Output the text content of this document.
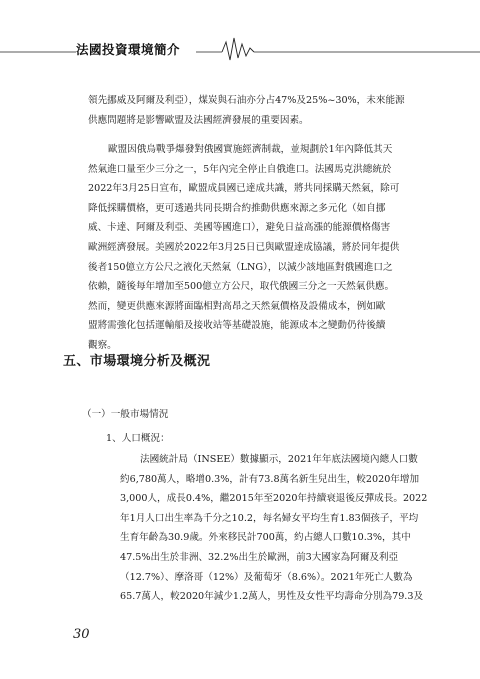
法國投資環境簡介
領先挪威及阿爾及利亞），煤炭與石油亦分占47%及25%~30%，未來能源
供應問題將是影響歐盟及法國經濟發展的重要因素。
歐盟因俄烏戰爭爆發對俄國實施經濟制裁，並規劃於1年內降低其天
然氣進口量至少三分之一，5年內完全停止自俄進口。法國馬克洪總統於
2022年3月25日宣布，歐盟成員國已達成共識，將共同採購天然氣，除可
降低採購價格，更可透過共同長期合約推動供應來源之多元化（如自挪
威、卡達、阿爾及利亞、美國等國進口），避免日益高漲的能源價格傷害
歐洲經濟發展。美國於2022年3月25日已與歐盟達成協議，將於同年提供
後者150億立方公尺之液化天然氣（LNG），以減少該地區對俄國進口之
依賴，隨後每年增加至500億立方公尺，取代俄國三分之一天然氣供應。
然而，變更供應來源將面臨相對高昂之天然氣價格及設備成本，例如歐
盟將需強化包括運輸船及接收站等基礎設施，能源成本之變動仍待後續
觀察。
五、市場環境分析及概況
（一）一般市場情況
1、人口概況：
法國統計局（INSEE）數據顯示，2021年年底法國境內總人口數
約6,780萬人，略增0.3%，計有73.8萬名新生兒出生，較2020年增加
3,000人，成長0.4%，繼2015年至2020年持續衰退後反彈成長。2022
年1月人口出生率為千分之10.2，每名婦女平均生育1.83個孩子，平均
生育年齡為30.9歲。外來移民計700萬，約占總人口數10.3%，其中
47.5%出生於非洲、32.2%出生於歐洲，前3大國家為阿爾及利亞
（12.7%）、摩洛哥（12%）及葡萄牙（8.6%）。2021年死亡人數為
65.7萬人，較2020年減少1.2萬人，男性及女性平均壽命分別為79.3及
30
